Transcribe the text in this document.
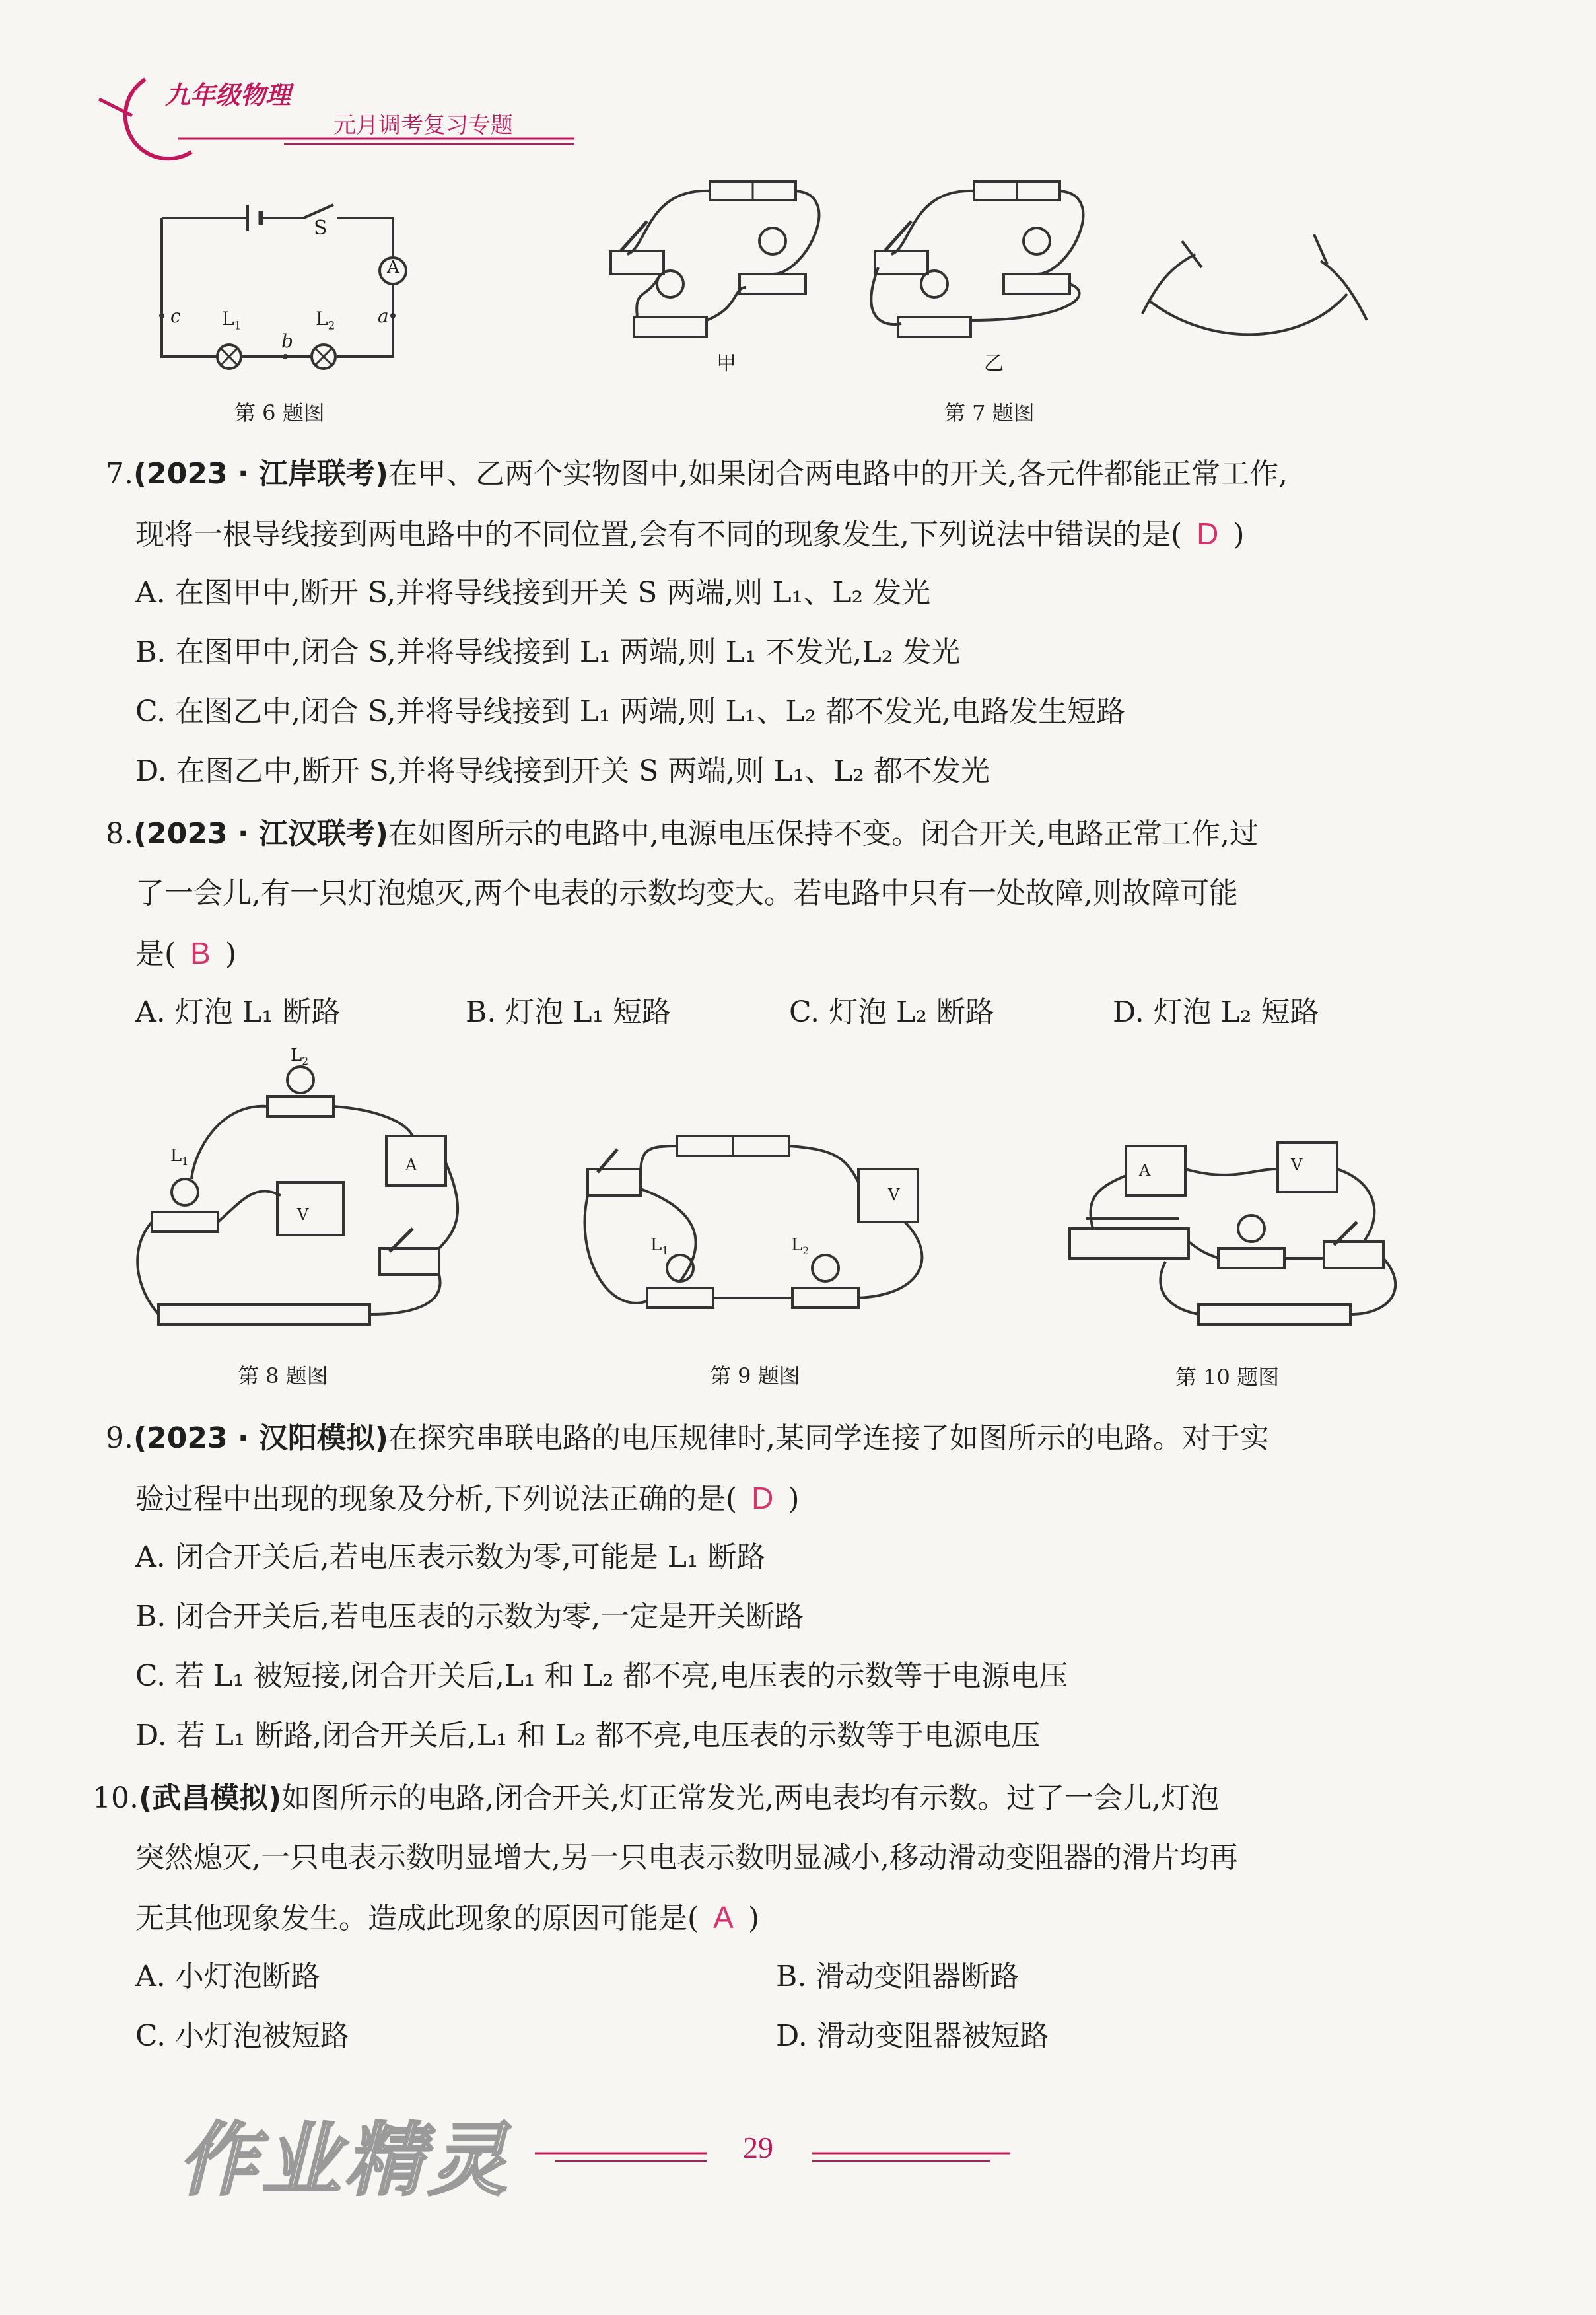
九年级物理
元月调考复习专题
S
A
c	a
b
$L_1$	$L_2$
第 6 题图
甲	乙
第 7 题图
7.(2023 · 江岸联考)在甲、乙两个实物图中,如果闭合两电路中的开关,各元件都能正常工作,
现将一根导线接到两电路中的不同位置,会有不同的现象发生,下列说法中错误的是( D )
A. 在图甲中,断开 S,并将导线接到开关 S 两端,则 L₁、L₂ 发光
B. 在图甲中,闭合 S,并将导线接到 L₁ 两端,则 L₁ 不发光,L₂ 发光
C. 在图乙中,闭合 S,并将导线接到 L₁ 两端,则 L₁、L₂ 都不发光,电路发生短路
D. 在图乙中,断开 S,并将导线接到开关 S 两端,则 L₁、L₂ 都不发光
8.(2023 · 江汉联考)在如图所示的电路中,电源电压保持不变。闭合开关,电路正常工作,过
了一会儿,有一只灯泡熄灭,两个电表的示数均变大。若电路中只有一处故障,则故障可能
是( B )
A. 灯泡 L₁ 断路	B. 灯泡 L₁ 短路	C. 灯泡 L₂ 断路	D. 灯泡 L₂ 短路
$L_2$
$L_1$	A
V
第 8 题图
V
$L_1$	$L_2$
第 9 题图
A	V
第 10 题图
9.(2023 · 汉阳模拟)在探究串联电路的电压规律时,某同学连接了如图所示的电路。对于实
验过程中出现的现象及分析,下列说法正确的是( D )
A. 闭合开关后,若电压表示数为零,可能是 L₁ 断路
B. 闭合开关后,若电压表的示数为零,一定是开关断路
C. 若 L₁ 被短接,闭合开关后,L₁ 和 L₂ 都不亮,电压表的示数等于电源电压
D. 若 L₁ 断路,闭合开关后,L₁ 和 L₂ 都不亮,电压表的示数等于电源电压
10.(武昌模拟)如图所示的电路,闭合开关,灯正常发光,两电表均有示数。过了一会儿,灯泡
突然熄灭,一只电表示数明显增大,另一只电表示数明显减小,移动滑动变阻器的滑片均再
无其他现象发生。造成此现象的原因可能是( A )
A. 小灯泡断路	B. 滑动变阻器断路
C. 小灯泡被短路	D. 滑动变阻器被短路
作业精灵	29
